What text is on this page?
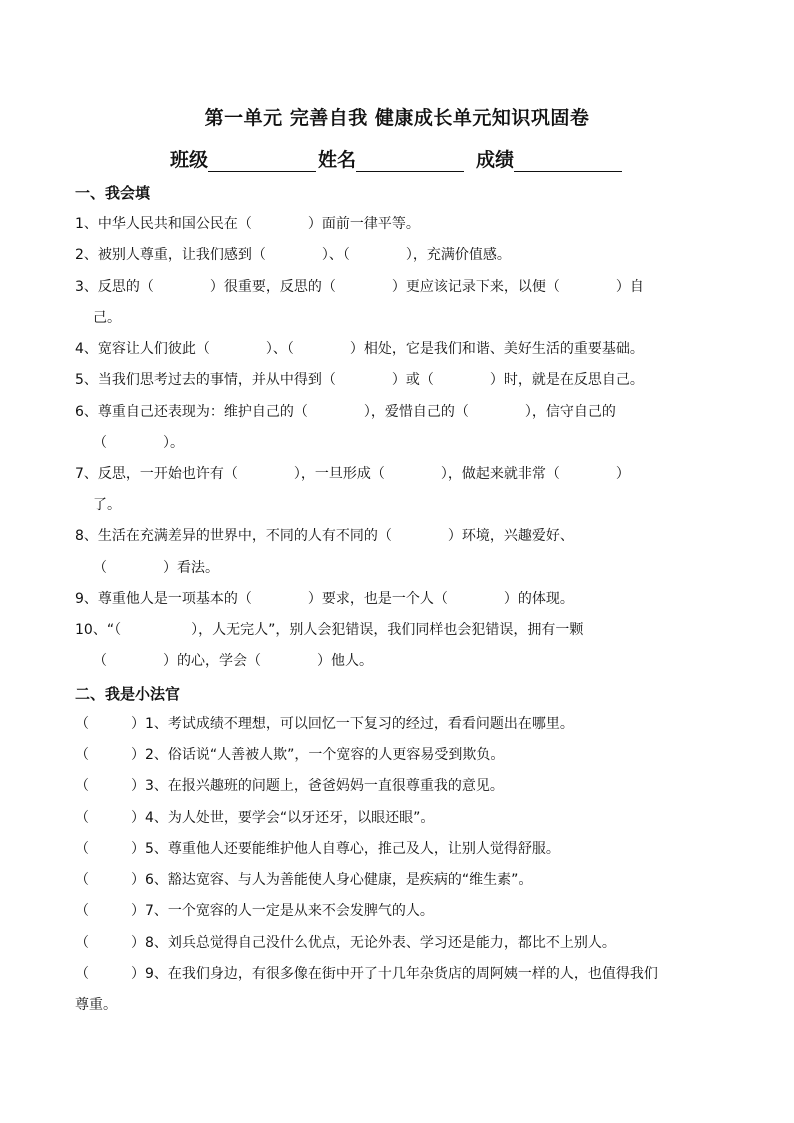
第一单元 完善自我 健康成长单元知识巩固卷
班级	姓名	成绩
一、我会填
1、中华人民共和国公民在（　　　　）面前一律平等。
2、被别人尊重，让我们感到（　　　　）、（　　　　），充满价值感。
3、反思的（　　　　）很重要，反思的（　　　　）更应该记录下来，以便（　　　　）自
己。
4、宽容让人们彼此（　　　　）、（　　　　）相处，它是我们和谐、美好生活的重要基础。
5、当我们思考过去的事情，并从中得到（　　　　）或（　　　　）时，就是在反思自己。
6、尊重自己还表现为：维护自己的（　　　　），爱惜自己的（　　　　），信守自己的
（　　　　）。
7、反思，一开始也许有（　　　　），一旦形成（　　　　），做起来就非常（　　　　）
了。
8、生活在充满差异的世界中，不同的人有不同的（　　　　）环境，兴趣爱好、
（　　　　）看法。
9、尊重他人是一项基本的（　　　　）要求，也是一个人（　　　　）的体现。
10、“（　　　　　），人无完人”，别人会犯错误，我们同样也会犯错误，拥有一颗
（　　　　）的心，学会（　　　　）他人。
二、我是小法官
（　　　）1、考试成绩不理想，可以回忆一下复习的经过，看看问题出在哪里。
（　　　）2、俗话说“人善被人欺”，一个宽容的人更容易受到欺负。
（　　　）3、在报兴趣班的问题上，爸爸妈妈一直很尊重我的意见。
（　　　）4、为人处世，要学会“以牙还牙，以眼还眼”。
（　　　）5、尊重他人还要能维护他人自尊心，推己及人，让别人觉得舒服。
（　　　）6、豁达宽容、与人为善能使人身心健康，是疾病的“维生素”。
（　　　）7、一个宽容的人一定是从来不会发脾气的人。
（　　　）8、刘兵总觉得自己没什么优点，无论外表、学习还是能力，都比不上别人。
（　　　）9、在我们身边，有很多像在街中开了十几年杂货店的周阿姨一样的人，也值得我们
尊重。
